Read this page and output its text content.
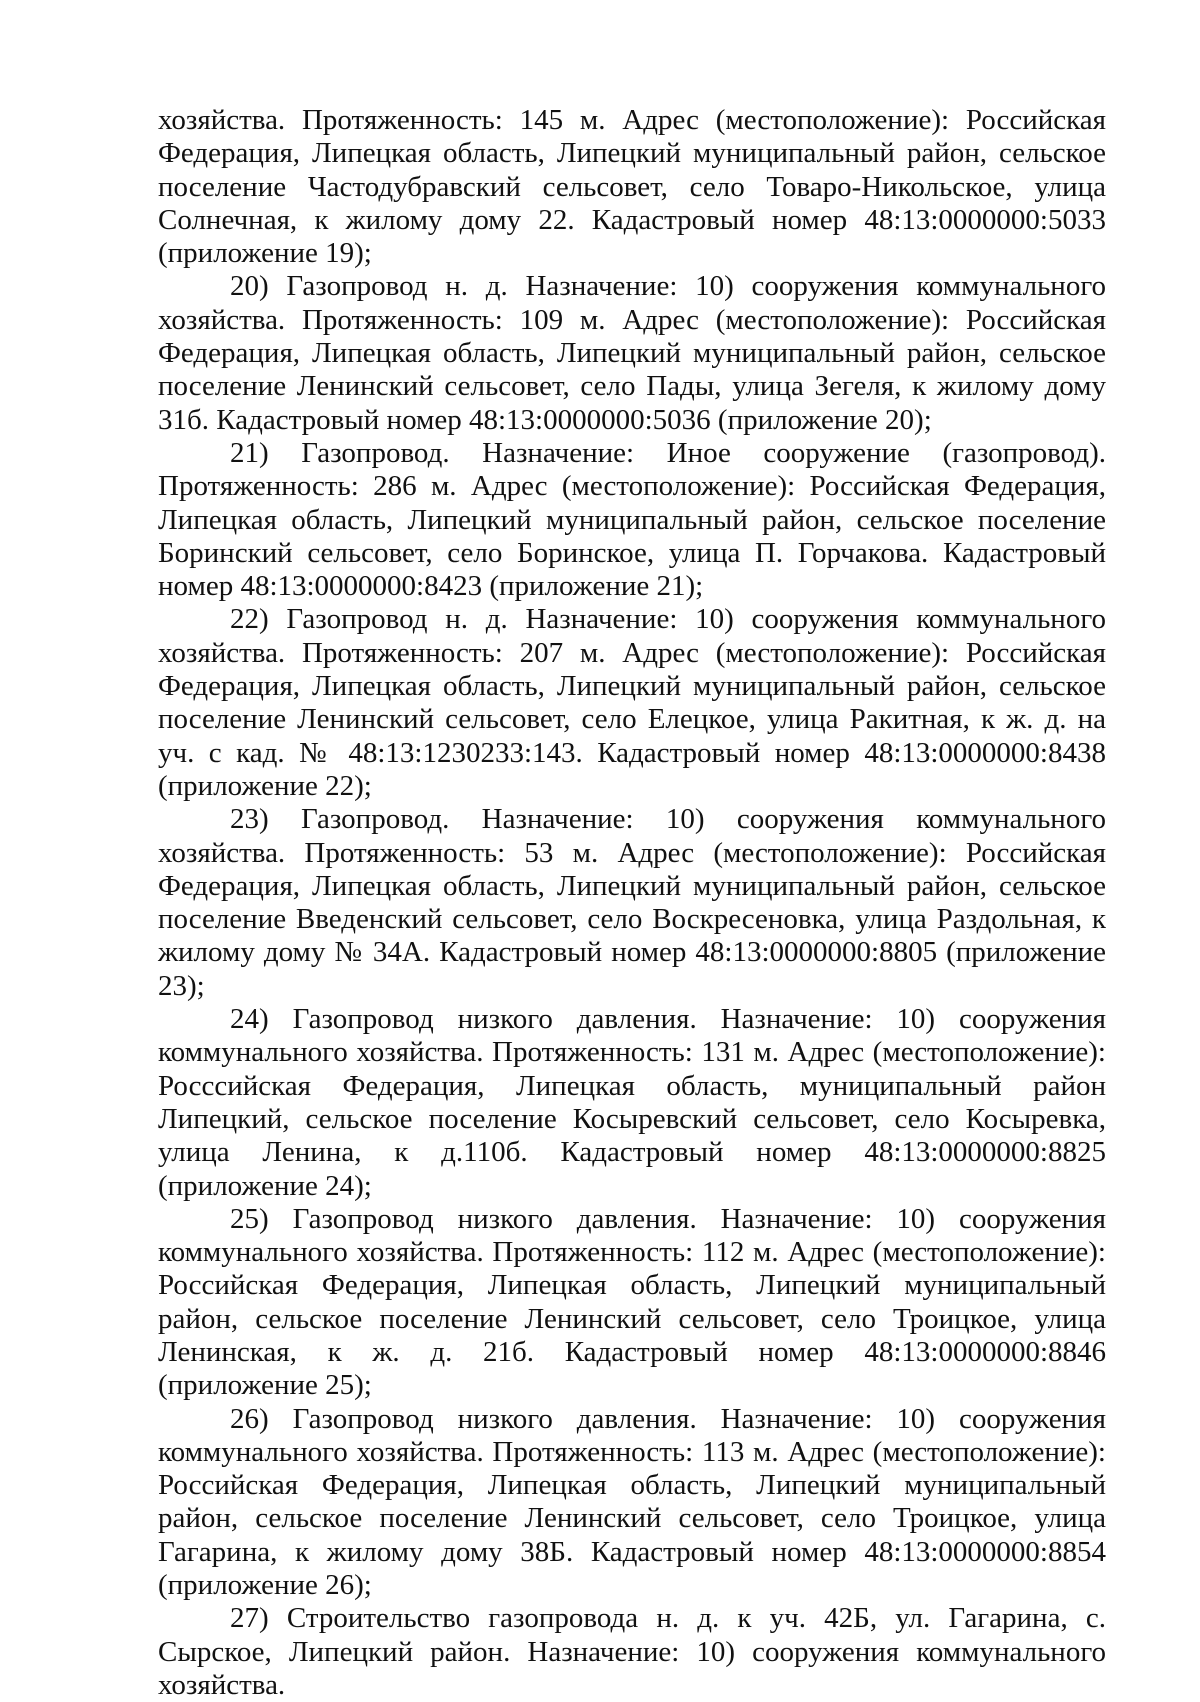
хозяйства. Протяженность: 145 м. Адрес (местоположение): Российская Федерация, Липецкая область, Липецкий муниципальный район, сельское поселение Частодубравский сельсовет, село Товаро-Никольское, улица Солнечная, к жилому дому 22. Кадастровый номер 48:13:0000000:5033 (приложение 19);

20) Газопровод н. д. Назначение: 10) сооружения коммунального хозяйства. Протяженность: 109 м. Адрес (местоположение): Российская Федерация, Липецкая область, Липецкий муниципальный район, сельское поселение Ленинский сельсовет, село Пады, улица Зегеля, к жилому дому 31б. Кадастровый номер 48:13:0000000:5036 (приложение 20);

21) Газопровод. Назначение: Иное сооружение (газопровод). Протяженность: 286 м. Адрес (местоположение): Российская Федерация, Липецкая область, Липецкий муниципальный район, сельское поселение Боринский сельсовет, село Боринское, улица П. Горчакова. Кадастровый номер 48:13:0000000:8423 (приложение 21);

22) Газопровод н. д. Назначение: 10) сооружения коммунального хозяйства. Протяженность: 207 м. Адрес (местоположение): Российская Федерация, Липецкая область, Липецкий муниципальный район, сельское поселение Ленинский сельсовет, село Елецкое, улица Ракитная, к ж. д. на уч. с кад. № 48:13:1230233:143. Кадастровый номер 48:13:0000000:8438 (приложение 22);

23) Газопровод. Назначение: 10) сооружения коммунального хозяйства. Протяженность: 53 м. Адрес (местоположение): Российская Федерация, Липецкая область, Липецкий муниципальный район, сельское поселение Введенский сельсовет, село Воскресеновка, улица Раздольная, к жилому дому № 34А. Кадастровый номер 48:13:0000000:8805 (приложение 23);

24) Газопровод низкого давления. Назначение: 10) сооружения коммунального хозяйства. Протяженность: 131 м. Адрес (местоположение): Росссийская Федерация, Липецкая область, муниципальный район Липецкий, сельское поселение Косыревский сельсовет, село Косыревка, улица Ленина, к д.110б. Кадастровый номер 48:13:0000000:8825 (приложение 24);

25) Газопровод низкого давления. Назначение: 10) сооружения коммунального хозяйства. Протяженность: 112 м. Адрес (местоположение): Российская Федерация, Липецкая область, Липецкий муниципальный район, сельское поселение Ленинский сельсовет, село Троицкое, улица Ленинская, к ж. д. 21б. Кадастровый номер 48:13:0000000:8846 (приложение 25);

26) Газопровод низкого давления. Назначение: 10) сооружения коммунального хозяйства. Протяженность: 113 м. Адрес (местоположение): Российская Федерация, Липецкая область, Липецкий муниципальный район, сельское поселение Ленинский сельсовет, село Троицкое, улица Гагарина, к жилому дому 38Б. Кадастровый номер 48:13:0000000:8854 (приложение 26);

27) Строительство газопровода н. д. к уч. 42Б, ул. Гагарина, с. Сырское, Липецкий район. Назначение: 10) сооружения коммунального хозяйства.
